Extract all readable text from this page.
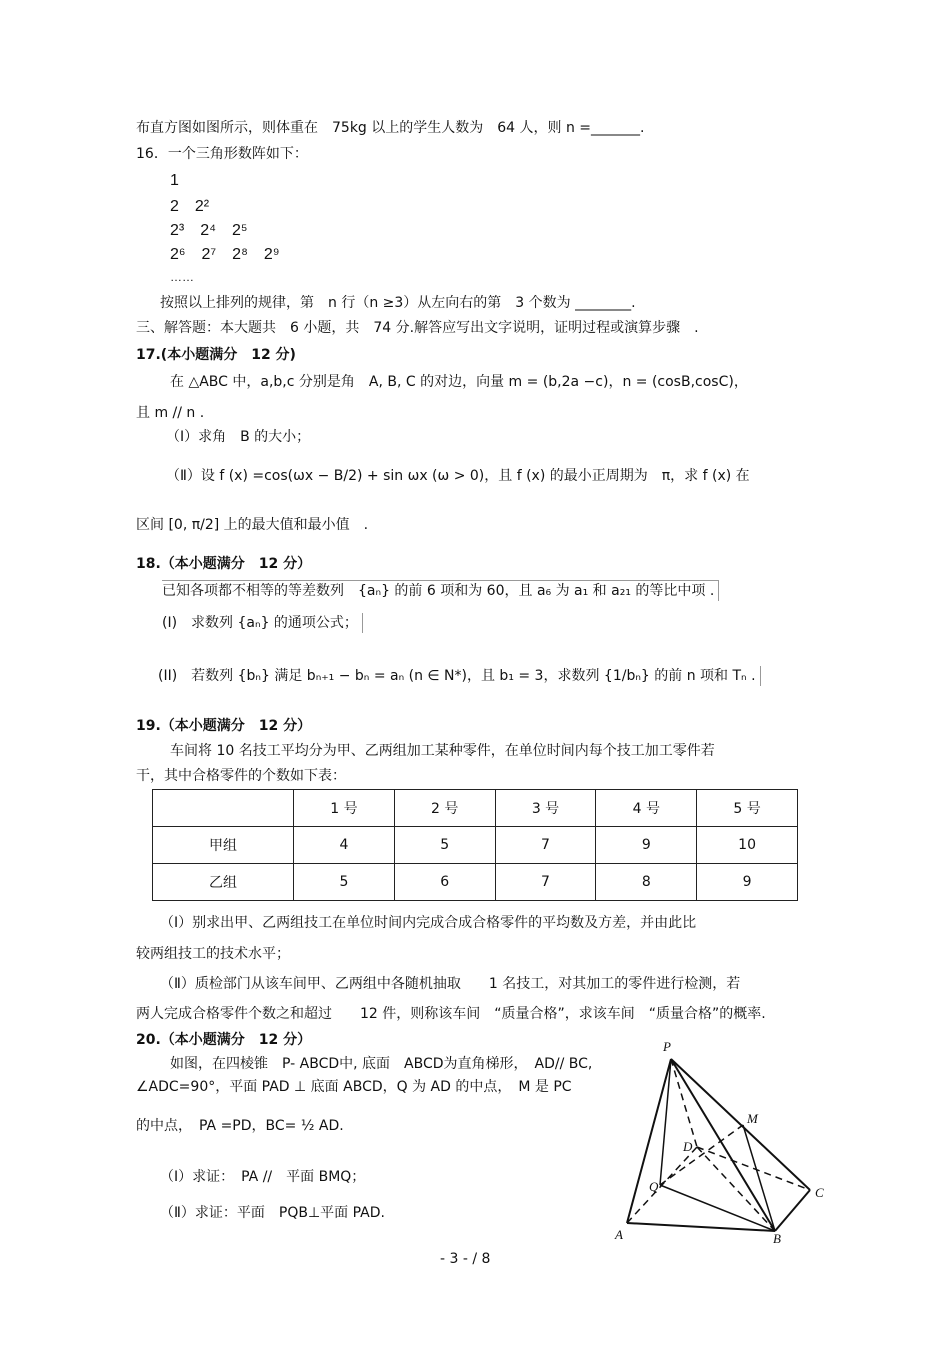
布直方图如图所示，则体重在　75kg 以上的学生人数为　64 人，则 n =_______.
16．一个三角形数阵如下：
1
2　2²
2³　2⁴　2⁵
2⁶　2⁷　2⁸　2⁹
……
按照以上排列的规律，第　n 行（n ≥3）从左向右的第　3 个数为 ________.
三、解答题：本大题共　6 小题，共　74 分.解答应写出文字说明，证明过程或演算步骤　.
17.(本小题满分　12 分)
在 △ABC 中，a,b,c 分别是角　A, B, C 的对边，向量 m = (b,2a −c)，n = (cosB,cosC)，
且 m // n .
（Ⅰ）求角　B 的大小；
（Ⅱ）设 f (x) =cos(ωx − B/2) + sin ωx (ω > 0)，且 f (x) 的最小正周期为　π，求 f (x) 在
区间 [0, π/2] 上的最大值和最小值　.
18.（本小题满分　12 分）
已知各项都不相等的等差数列　{aₙ} 的前 6 项和为 60，且 a₆ 为 a₁ 和 a₂₁ 的等比中项 .
(I)　求数列 {aₙ} 的通项公式；
(II)　若数列 {bₙ} 满足 bₙ₊₁ − bₙ = aₙ (n ∈ N*)，且 b₁ = 3，求数列 {1/bₙ} 的前 n 项和 Tₙ .
19.（本小题满分　12 分）
车间将 10 名技工平均分为甲、乙两组加工某种零件，在单位时间内每个技工加工零件若
干，其中合格零件的个数如下表：
	1 号	2 号	3 号	4 号	5 号
甲组	4	5	7	9	10
乙组	5	6	7	8	9
（Ⅰ）别求出甲、乙两组技工在单位时间内完成合成合格零件的平均数及方差，并由此比
较两组技工的技术水平；
（Ⅱ）质检部门从该车间甲、乙两组中各随机抽取　　1 名技工，对其加工的零件进行检测，若
两人完成合格零件个数之和超过　　12 件，则称该车间　“质量合格”，求该车间　“质量合格”的概率.
20.（本小题满分　12 分）
如图，在四棱锥　P- ABCD中, 底面　ABCD为直角梯形，　AD// BC,
∠ADC=90°，平面 PAD ⊥ 底面 ABCD，Q 为 AD 的中点，　M 是 PC
的中点，　PA =PD，BC= ½ AD.
（Ⅰ）求证：　PA //　平面 BMQ；
（Ⅱ）求证：平面　PQB⊥平面 PAD.
P
M
D
Q	C
A	B
- 3 - / 8
